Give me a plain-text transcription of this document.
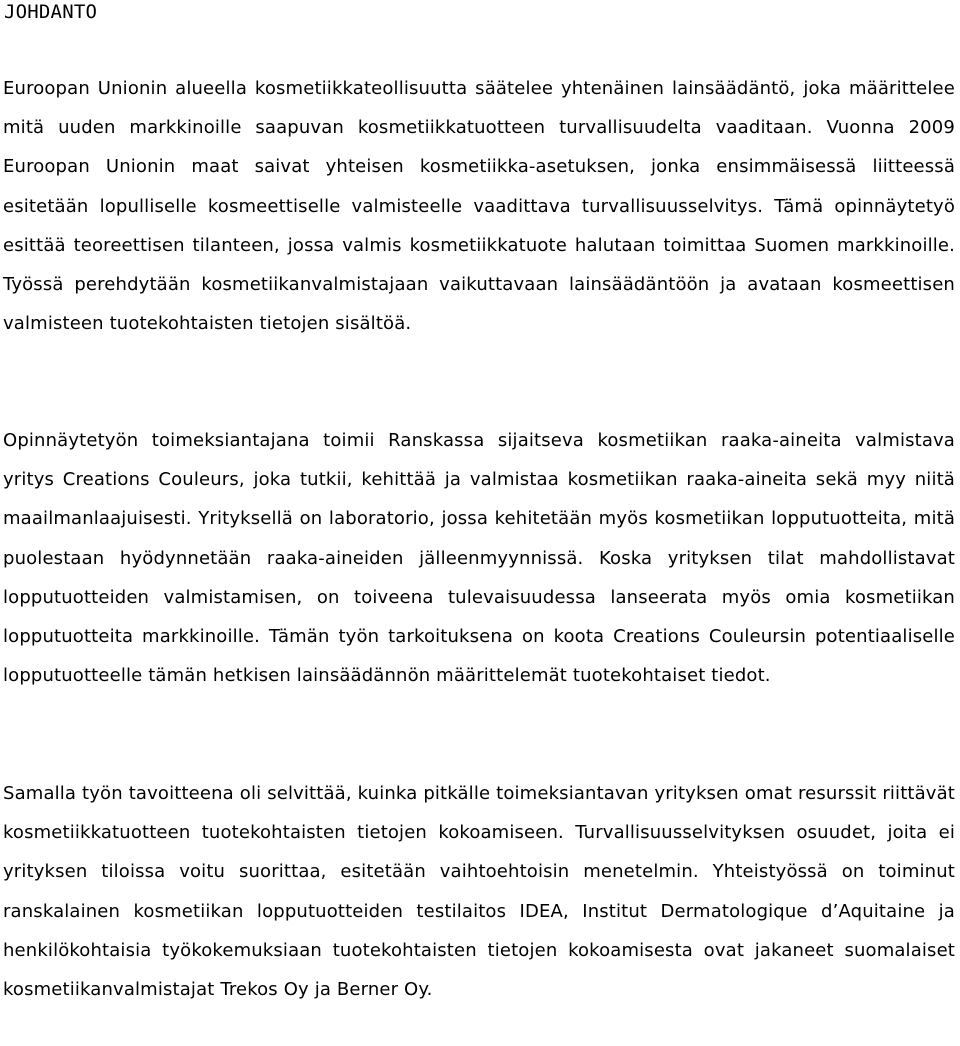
JOHDANTO

Euroopan Unionin alueella kosmetiikkateollisuutta säätelee yhtenäinen lainsäädäntö, joka määrittelee mitä uuden markkinoille saapuvan kosmetiikkatuotteen turvallisuudelta vaaditaan. Vuonna 2009 Euroopan Unionin maat saivat yhteisen kosmetiikka-asetuksen, jonka ensimmäisessä liitteessä esitetään lopulliselle kosmeettiselle valmisteelle vaadittava turvallisuusselvitys. Tämä opinnäytetyö esittää teoreettisen tilanteen, jossa valmis kosmetiikkatuote halutaan toimittaa Suomen markkinoille. Työssä perehdytään kosmetiikanvalmistajaan vaikuttavaan lainsäädäntöön ja avataan kosmeettisen valmisteen tuotekohtaisten tietojen sisältöä.

Opinnäytetyön toimeksiantajana toimii Ranskassa sijaitseva kosmetiikan raaka-aineita valmistava yritys Creations Couleurs, joka tutkii, kehittää ja valmistaa kosmetiikan raaka-aineita sekä myy niitä maailmanlaajuisesti. Yrityksellä on laboratorio, jossa kehitetään myös kosmetiikan lopputuotteita, mitä puolestaan hyödynnetään raaka-aineiden jälleenmyynnissä. Koska yrityksen tilat mahdollistavat lopputuotteiden valmistamisen, on toiveena tulevaisuudessa lanseerata myös omia kosmetiikan lopputuotteita markkinoille. Tämän työn tarkoituksena on koota Creations Couleursin potentiaaliselle lopputuotteelle tämän hetkisen lainsäädännön määrittelemät tuotekohtaiset tiedot.

Samalla työn tavoitteena oli selvittää, kuinka pitkälle toimeksiantavan yrityksen omat resurssit riittävät kosmetiikkatuotteen tuotekohtaisten tietojen kokoamiseen. Turvallisuusselvityksen osuudet, joita ei yrityksen tiloissa voitu suorittaa, esitetään vaihtoehtoisin menetelmin. Yhteistyössä on toiminut ranskalainen kosmetiikan lopputuotteiden testilaitos IDEA, Institut Dermatologique d’Aquitaine ja henkilökohtaisia työkokemuksiaan tuotekohtaisten tietojen kokoamisesta ovat jakaneet suomalaiset kosmetiikanvalmistajat Trekos Oy ja Berner Oy.
